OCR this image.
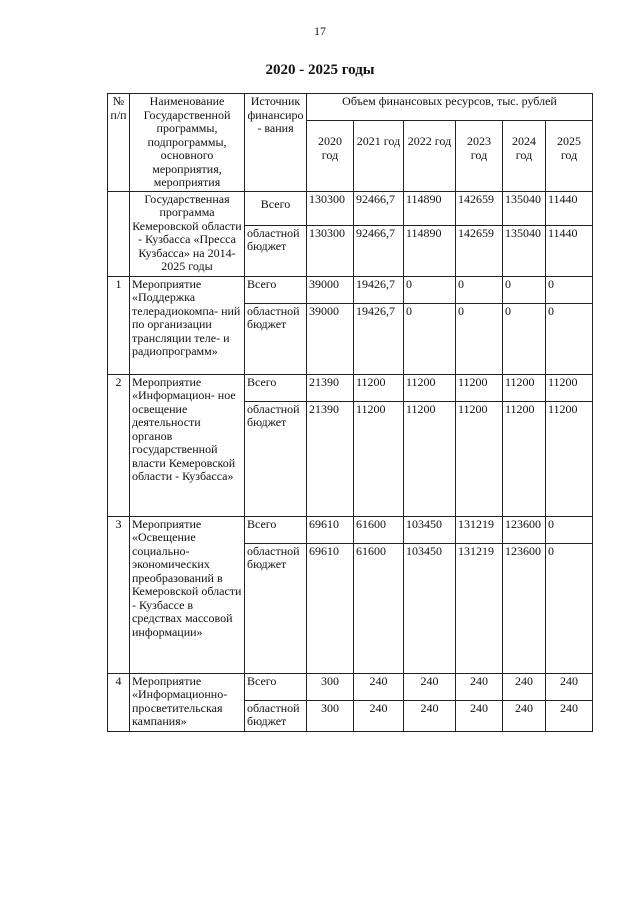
17
2020 - 2025 годы
№ п/п	Наименование Государственной программы, подпрограммы, основного мероприятия, мероприятия	Источник финансиро- вания	Объем финансовых ресурсов, тыс. рублей					
			2020 год	2021 год	2022 год	2023 год	2024 год	2025 год
	Государственная программа Кемеровской области - Кузбасса «Пресса Кузбасса» на 2014-2025 годы	Всего	130300	92466,7	114890	142659	135040	11440
		областной бюджет	130300	92466,7	114890	142659	135040	11440
1	Мероприятие «Поддержка телерадиокомпа- ний по организации трансляции теле- и радиопрограмм»	Всего	39000	19426,7	0	0	0	0
		областной бюджет	39000	19426,7	0	0	0	0
2	Мероприятие «Информацион- ное освещение деятельности органов государственной власти Кемеровской области - Кузбасса»	Всего	21390	11200	11200	11200	11200	11200
		областной бюджет	21390	11200	11200	11200	11200	11200
3	Мероприятие «Освещение социально- экономических преобразований в Кемеровской области - Кузбассе в средствах массовой информации»	Всего	69610	61600	103450	131219	123600	0
		областной бюджет	69610	61600	103450	131219	123600	0
4	Мероприятие «Информационно- просветительская кампания»	Всего	300	240	240	240	240	240
		областной бюджет	300	240	240	240	240	240
